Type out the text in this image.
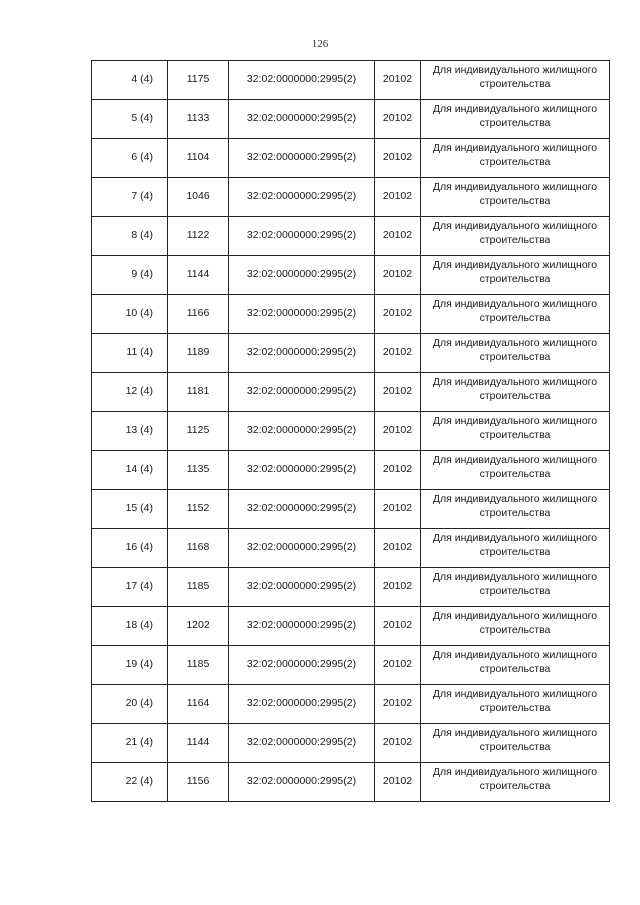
126
4 (4)	1175	32:02:0000000:2995(2)	20102	Для индивидуального жилищного строительства
5 (4)	1133	32:02:0000000:2995(2)	20102	Для индивидуального жилищного строительства
6 (4)	1104	32:02:0000000:2995(2)	20102	Для индивидуального жилищного строительства
7 (4)	1046	32:02:0000000:2995(2)	20102	Для индивидуального жилищного строительства
8 (4)	1122	32:02:0000000:2995(2)	20102	Для индивидуального жилищного строительства
9 (4)	1144	32:02:0000000:2995(2)	20102	Для индивидуального жилищного строительства
10 (4)	1166	32:02:0000000:2995(2)	20102	Для индивидуального жилищного строительства
11 (4)	1189	32:02:0000000:2995(2)	20102	Для индивидуального жилищного строительства
12 (4)	1181	32:02:0000000:2995(2)	20102	Для индивидуального жилищного строительства
13 (4)	1125	32:02:0000000:2995(2)	20102	Для индивидуального жилищного строительства
14 (4)	1135	32:02:0000000:2995(2)	20102	Для индивидуального жилищного строительства
15 (4)	1152	32:02:0000000:2995(2)	20102	Для индивидуального жилищного строительства
16 (4)	1168	32:02:0000000:2995(2)	20102	Для индивидуального жилищного строительства
17 (4)	1185	32:02:0000000:2995(2)	20102	Для индивидуального жилищного строительства
18 (4)	1202	32:02:0000000:2995(2)	20102	Для индивидуального жилищного строительства
19 (4)	1185	32:02:0000000:2995(2)	20102	Для индивидуального жилищного строительства
20 (4)	1164	32:02:0000000:2995(2)	20102	Для индивидуального жилищного строительства
21 (4)	1144	32:02:0000000:2995(2)	20102	Для индивидуального жилищного строительства
22 (4)	1156	32:02:0000000:2995(2)	20102	Для индивидуального жилищного строительства
